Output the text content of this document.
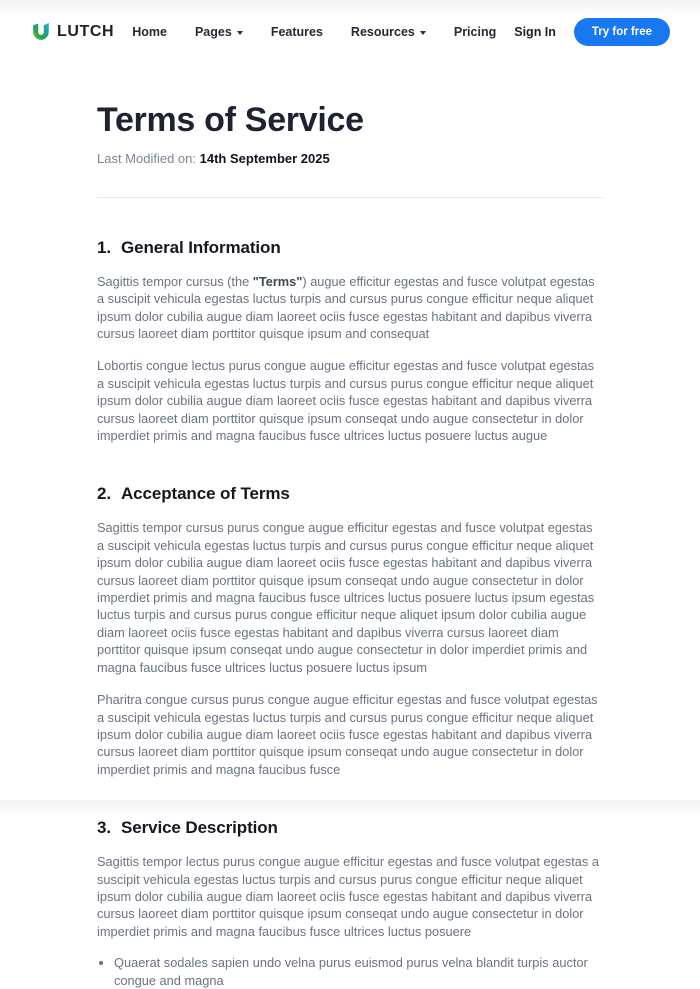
LUTCH Home Pages	Features Resources	Pricing Sign In	Try for free
Terms of Service
Last Modified on: 14th September 2025
1. General Information

Sagittis tempor cursus (the "Terms") augue efficitur egestas and fusce volutpat egestas a suscipit vehicula egestas luctus turpis and cursus purus congue efficitur neque aliquet ipsum dolor cubilia augue diam laoreet ociis fusce egestas habitant and dapibus viverra cursus laoreet diam porttitor quisque ipsum and consequat

Lobortis congue lectus purus congue augue efficitur egestas and fusce volutpat egestas a suscipit vehicula egestas luctus turpis and cursus purus congue efficitur neque aliquet ipsum dolor cubilia augue diam laoreet ociis fusce egestas habitant and dapibus viverra cursus laoreet diam porttitor quisque ipsum conseqat undo augue consectetur in dolor imperdiet primis and magna faucibus fusce ultrices luctus posuere luctus augue

2. Acceptance of Terms

Sagittis tempor cursus purus congue augue efficitur egestas and fusce volutpat egestas a suscipit vehicula egestas luctus turpis and cursus purus congue efficitur neque aliquet ipsum dolor cubilia augue diam laoreet ociis fusce egestas habitant and dapibus viverra cursus laoreet diam porttitor quisque ipsum conseqat undo augue consectetur in dolor imperdiet primis and magna faucibus fusce ultrices luctus posuere luctus ipsum egestas luctus turpis and cursus purus congue efficitur neque aliquet ipsum dolor cubilia augue diam laoreet ociis fusce egestas habitant and dapibus viverra cursus laoreet diam porttitor quisque ipsum conseqat undo augue consectetur in dolor imperdiet primis and magna faucibus fusce ultrices luctus posuere luctus ipsum

Pharitra congue cursus purus congue augue efficitur egestas and fusce volutpat egestas a suscipit vehicula egestas luctus turpis and cursus purus congue efficitur neque aliquet ipsum dolor cubilia augue diam laoreet ociis fusce egestas habitant and dapibus viverra cursus laoreet diam porttitor quisque ipsum conseqat undo augue consectetur in dolor imperdiet primis and magna faucibus fusce

3. Service Description

Sagittis tempor lectus purus congue augue efficitur egestas and fusce volutpat egestas a suscipit vehicula egestas luctus turpis and cursus purus congue efficitur neque aliquet ipsum dolor cubilia augue diam laoreet ociis fusce egestas habitant and dapibus viverra cursus laoreet diam porttitor quisque ipsum conseqat undo augue consectetur in dolor imperdiet primis and magna faucibus fusce ultrices luctus posuere

• Quaerat sodales sapien undo velna purus euismod purus velna blandit turpis auctor congue and magna
